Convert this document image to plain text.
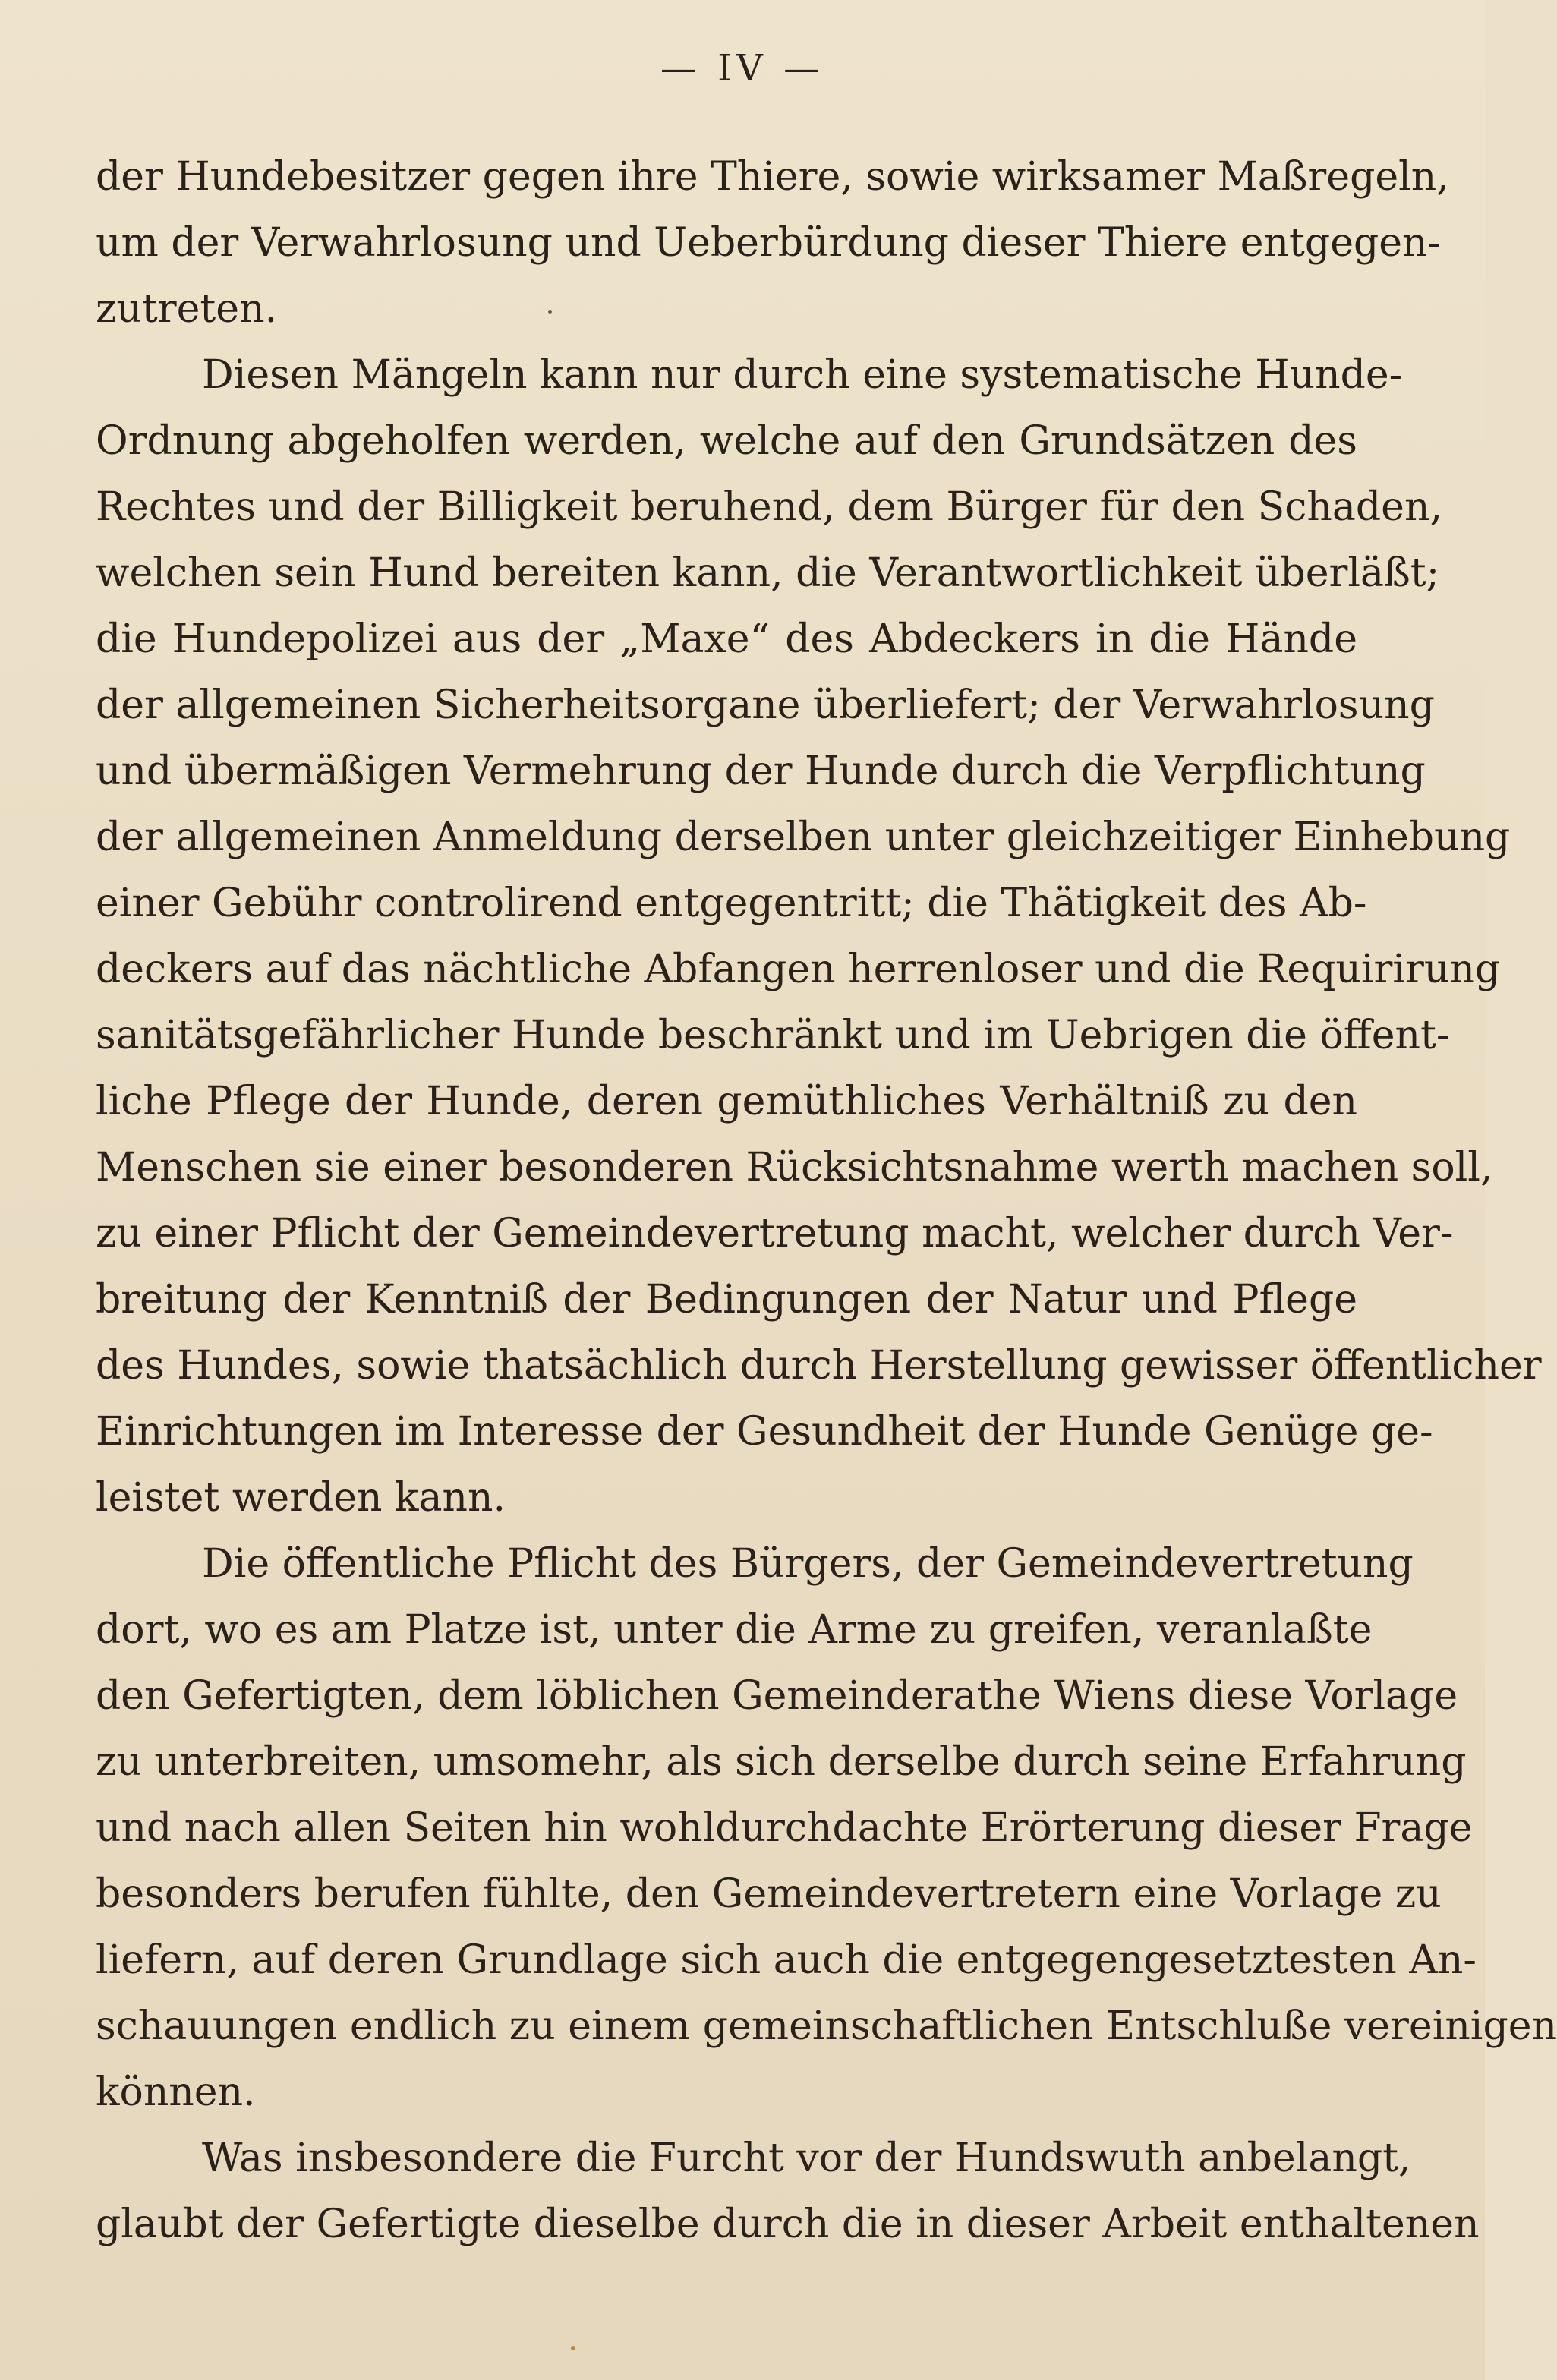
— IV —
der Hundebesitzer gegen ihre Thiere, sowie wirksamer Maßregeln,
um der Verwahrlosung und Ueberbürdung dieser Thiere entgegen-
zutreten.
Diesen Mängeln kann nur durch eine systematische Hunde-
Ordnung abgeholfen werden, welche auf den Grundsätzen des
Rechtes und der Billigkeit beruhend, dem Bürger für den Schaden,
welchen sein Hund bereiten kann, die Verantwortlichkeit überläßt;
die Hundepolizei aus der „Maxe“ des Abdeckers in die Hände
der allgemeinen Sicherheitsorgane überliefert; der Verwahrlosung
und übermäßigen Vermehrung der Hunde durch die Verpflichtung
der allgemeinen Anmeldung derselben unter gleichzeitiger Einhebung
einer Gebühr controlirend entgegentritt; die Thätigkeit des Ab-
deckers auf das nächtliche Abfangen herrenloser und die Requirirung
sanitätsgefährlicher Hunde beschränkt und im Uebrigen die öffent-
liche Pflege der Hunde, deren gemüthliches Verhältniß zu den
Menschen sie einer besonderen Rücksichtsnahme werth machen soll,
zu einer Pflicht der Gemeindevertretung macht, welcher durch Ver-
breitung der Kenntniß der Bedingungen der Natur und Pflege
des Hundes, sowie thatsächlich durch Herstellung gewisser öffentlicher
Einrichtungen im Interesse der Gesundheit der Hunde Genüge ge-
leistet werden kann.
Die öffentliche Pflicht des Bürgers, der Gemeindevertretung
dort, wo es am Platze ist, unter die Arme zu greifen, veranlaßte
den Gefertigten, dem löblichen Gemeinderathe Wiens diese Vorlage
zu unterbreiten, umsomehr, als sich derselbe durch seine Erfahrung
und nach allen Seiten hin wohldurchdachte Erörterung dieser Frage
besonders berufen fühlte, den Gemeindevertretern eine Vorlage zu
liefern, auf deren Grundlage sich auch die entgegengesetztesten An-
schauungen endlich zu einem gemeinschaftlichen Entschluße vereinigen
können.
Was insbesondere die Furcht vor der Hundswuth anbelangt,
glaubt der Gefertigte dieselbe durch die in dieser Arbeit enthaltenen
